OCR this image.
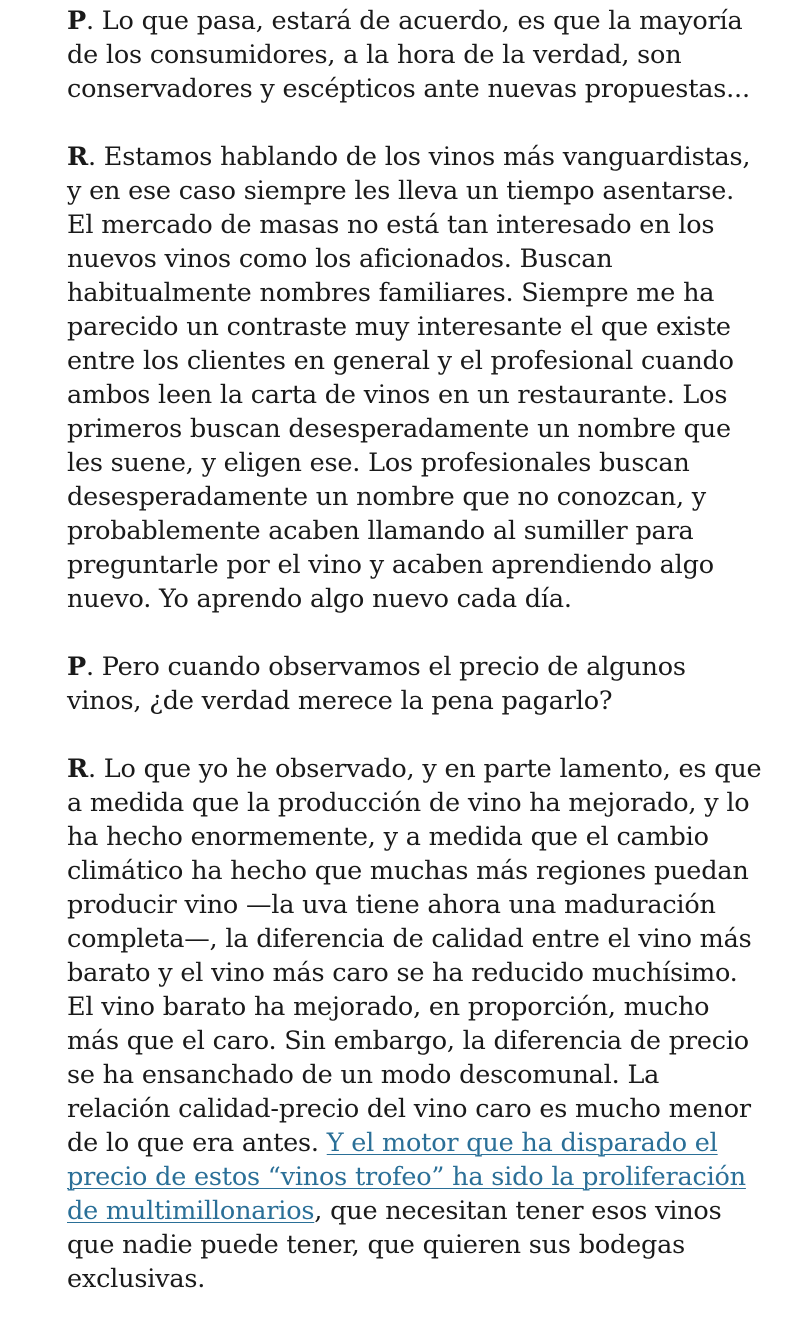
P. Lo que pasa, estará de acuerdo, es que la mayoría de los consumidores, a la hora de la verdad, son conservadores y escépticos ante nuevas propuestas...

R. Estamos hablando de los vinos más vanguardistas, y en ese caso siempre les lleva un tiempo asentarse. El mercado de masas no está tan interesado en los nuevos vinos como los aficionados. Buscan habitualmente nombres familiares. Siempre me ha parecido un contraste muy interesante el que existe entre los clientes en general y el profesional cuando ambos leen la carta de vinos en un restaurante. Los primeros buscan desesperadamente un nombre que les suene, y eligen ese. Los profesionales buscan desesperadamente un nombre que no conozcan, y probablemente acaben llamando al sumiller para preguntarle por el vino y acaben aprendiendo algo nuevo. Yo aprendo algo nuevo cada día.

P. Pero cuando observamos el precio de algunos vinos, ¿de verdad merece la pena pagarlo?

R. Lo que yo he observado, y en parte lamento, es que a medida que la producción de vino ha mejorado, y lo ha hecho enormemente, y a medida que el cambio climático ha hecho que muchas más regiones puedan producir vino —la uva tiene ahora una maduración completa—, la diferencia de calidad entre el vino más barato y el vino más caro se ha reducido muchísimo. El vino barato ha mejorado, en proporción, mucho más que el caro. Sin embargo, la diferencia de precio se ha ensanchado de un modo descomunal. La relación calidad-precio del vino caro es mucho menor de lo que era antes. Y el motor que ha disparado el precio de estos “vinos trofeo” ha sido la proliferación de multimillonarios, que necesitan tener esos vinos que nadie puede tener, que quieren sus bodegas exclusivas.
